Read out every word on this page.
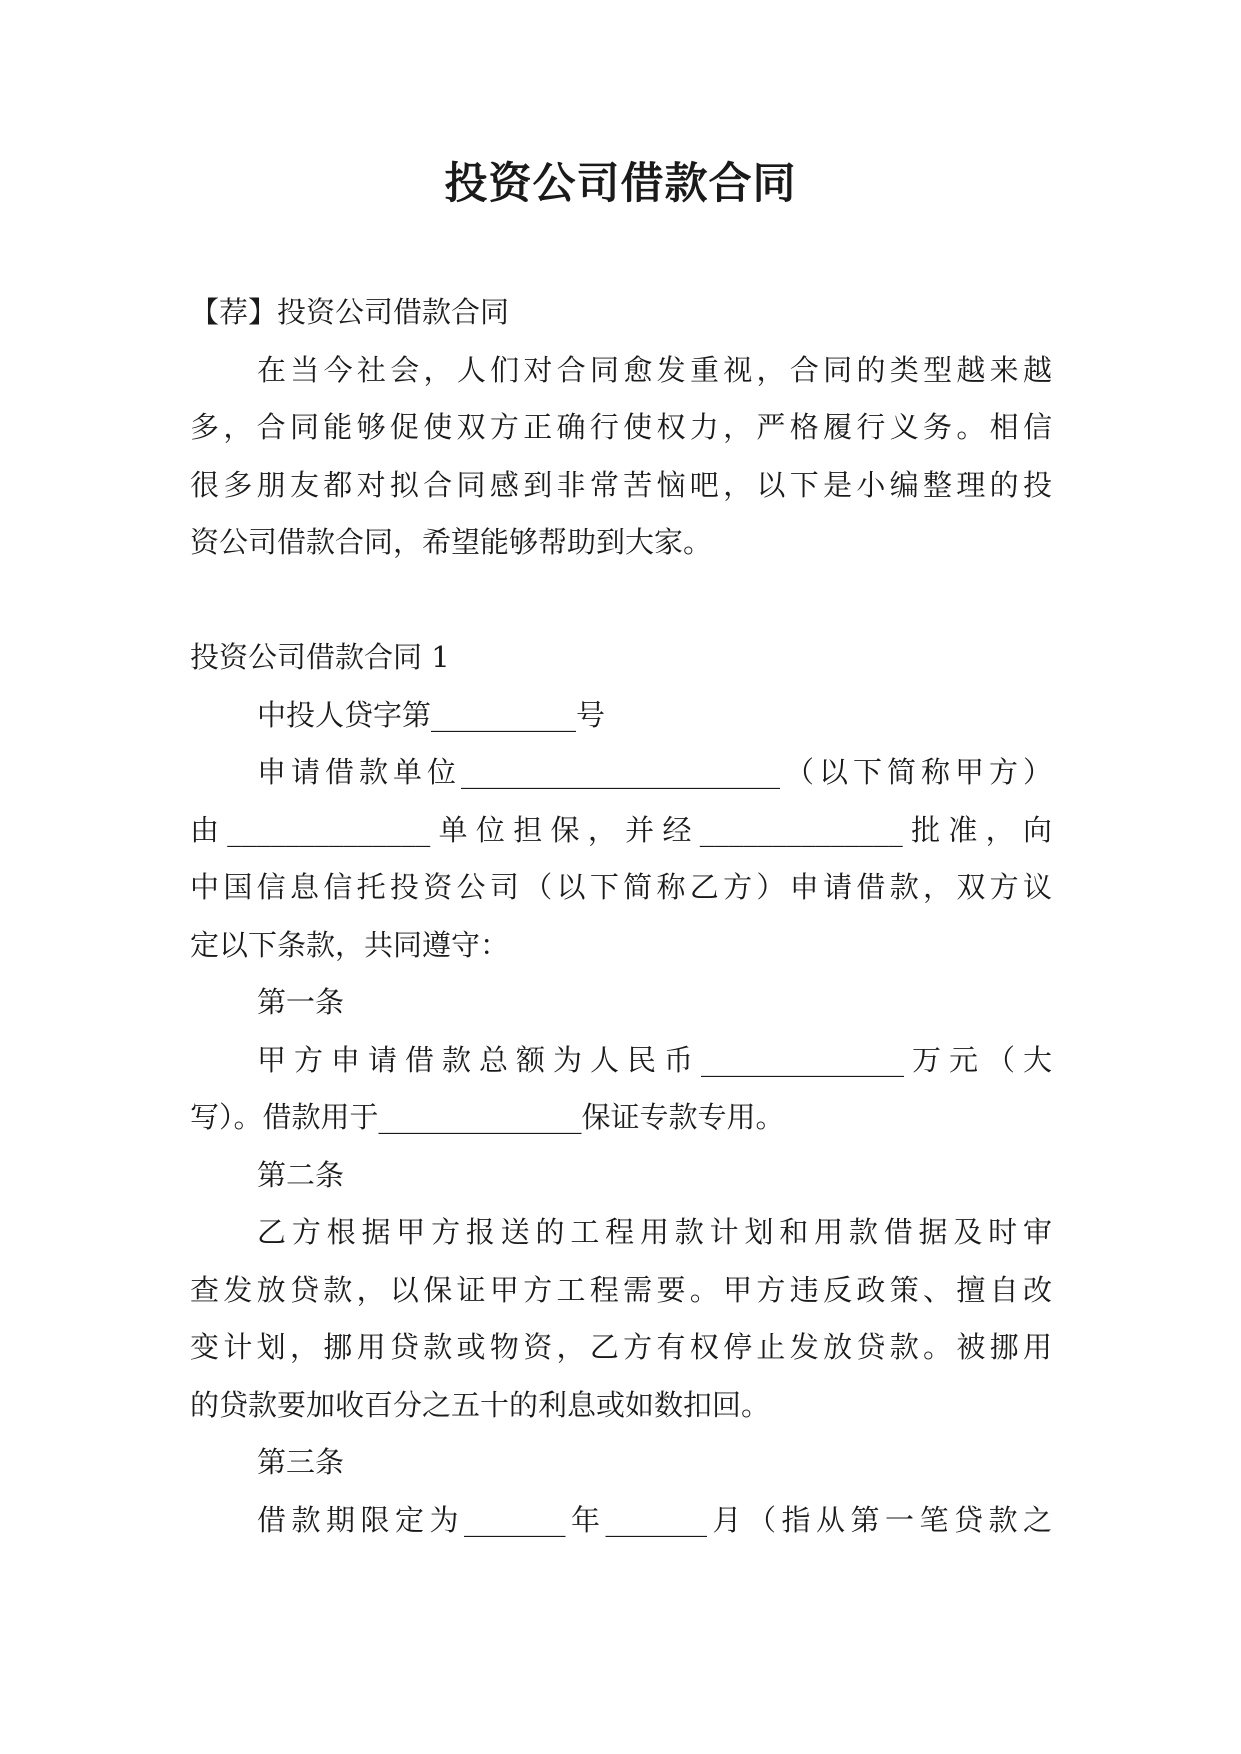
投资公司借款合同
【荐】投资公司借款合同
在当今社会，人们对合同愈发重视，合同的类型越来越
多，合同能够促使双方正确行使权力，严格履行义务。相信
很多朋友都对拟合同感到非常苦恼吧，以下是小编整理的投
资公司借款合同，希望能够帮助到大家。
投资公司借款合同 1
中投人贷字第__________号
申请借款单位______________________（以下简称甲方）
由______________单位担保，并经______________批准，向
中国信息信托投资公司（以下简称乙方）申请借款，双方议
定以下条款，共同遵守：
第一条
甲方申请借款总额为人民币______________万元（大
写）。借款用于______________保证专款专用。
第二条
乙方根据甲方报送的工程用款计划和用款借据及时审
查发放贷款，以保证甲方工程需要。甲方违反政策、擅自改
变计划，挪用贷款或物资，乙方有权停止发放贷款。被挪用
的贷款要加收百分之五十的利息或如数扣回。
第三条
借款期限定为_______年_______月（指从第一笔贷款之
